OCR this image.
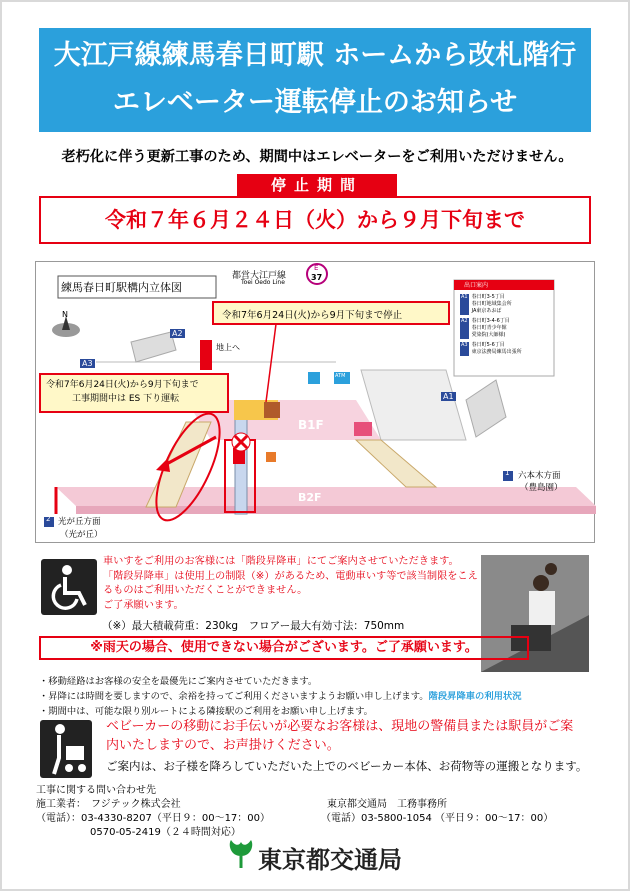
大江戸線練馬春日町駅 ホームから改札階行
エレベーター運転停止のお知らせ
老朽化に伴う更新工事のため、期間中はエレベーターをご利用いただけません。
停止期間
令和７年６月２４日（火）から９月下旬まで
練馬春日町駅構内立体図
都営大江戸線
Toei Oedo Line
E
37
N	令和7年6月24日(火)から9月下旬まで停止
令和7年6月24日(火)から9月下旬まで
工事期間中は ES 下り運転
出口案内
A1 春日町3-5丁目
春日町地域集会所
JA東京あおば
A2 春日町3-4-6丁目
春日町青少年館
愛染院(大師様)
A3 春日町5-6丁目
東京法務局練馬出張所
A2
A3
A1
地上へ
ATM
B1F
B2F
1 六本木方面
（豊島園）
2 光が丘方面
（光が丘）
車いすをご利用のお客様には「階段昇降車」にてご案内させていただきます。
「階段昇降車」は使用上の制限（※）があるため、電動車いす等で該当制限をこえ
るものはご利用いただくことができません。
ご了承願います。
（※）最大積載荷重：230kg　フロアー最大有効寸法：750mm
※雨天の場合、使用できない場合がございます。ご了承願います。
・移動経路はお客様の安全を最優先にご案内させていただきます。
・昇降には時間を要しますので、余裕を持ってご利用くださいますようお願い申し上げます。階段昇降車の利用状況
・期間中は、可能な限り別ルートによる隣接駅のご利用をお願い申し上げます。
ベビーカーの移動にお手伝いが必要なお客様は、現地の警備員または駅員がご案内いたしますので、お声掛けください。
ご案内は、お子様を降ろしていただいた上でのベビーカー本体、お荷物等の運搬となります。
工事に関する問い合わせ先
施工業者：　フジテック株式会社
（電話）：03-4330-8207（平日９：00〜17：00）
0570-05-2419（２４時間対応）
東京都交通局　工務事務所
（電話）03-5800-1054 （平日９：00〜17：00）
東京都交通局
